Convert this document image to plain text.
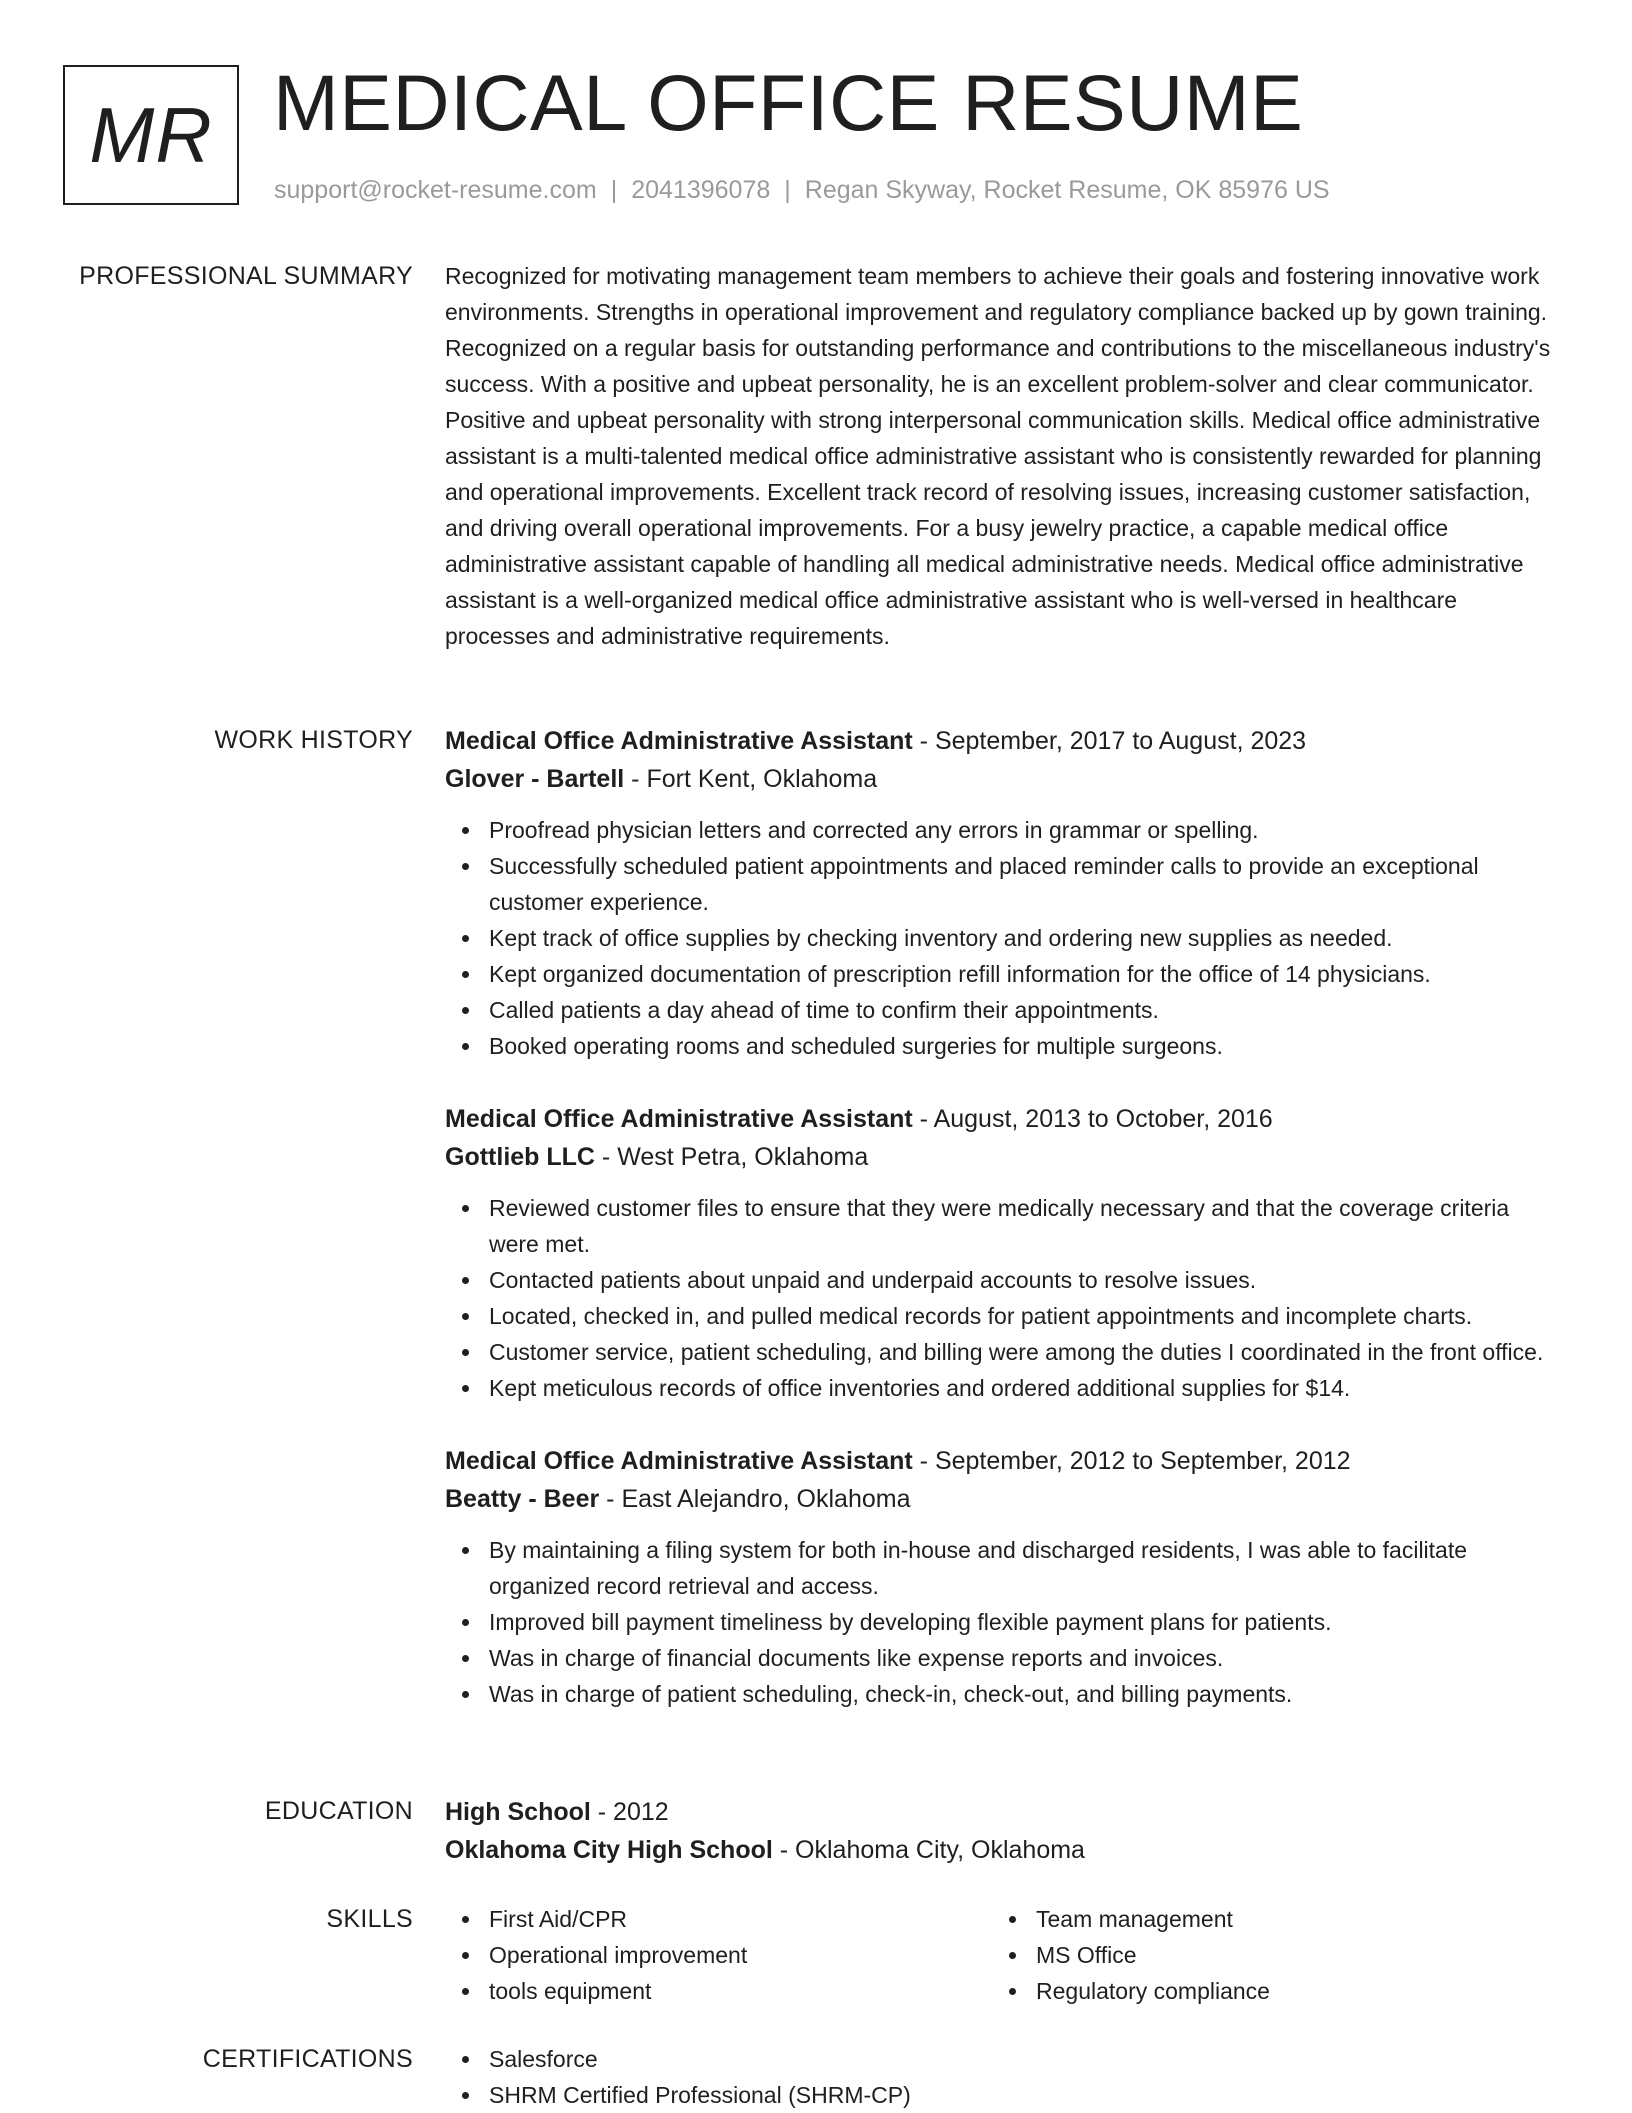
MR MEDICAL OFFICE RESUME
support@rocket-resume.com | 2041396078 | Regan Skyway, Rocket Resume, OK 85976 US
PROFESSIONAL SUMMARY Recognized for motivating management team members to achieve their goals and fostering innovative work environments. Strengths in operational improvement and regulatory compliance backed up by gown training. Recognized on a regular basis for outstanding performance and contributions to the miscellaneous industry's success. With a positive and upbeat personality, he is an excellent problem-solver and clear communicator. Positive and upbeat personality with strong interpersonal communication skills. Medical office administrative assistant is a multi-talented medical office administrative assistant who is consistently rewarded for planning and operational improvements. Excellent track record of resolving issues, increasing customer satisfaction, and driving overall operational improvements. For a busy jewelry practice, a capable medical office administrative assistant capable of handling all medical administrative needs. Medical office administrative assistant is a well-organized medical office administrative assistant who is well-versed in healthcare processes and administrative requirements.

WORK HISTORY Medical Office Administrative Assistant - September, 2017 to August, 2023
Glover - Bartell - Fort Kent, Oklahoma
Proofread physician letters and corrected any errors in grammar or spelling.
Successfully scheduled patient appointments and placed reminder calls to provide an exceptional customer experience.
Kept track of office supplies by checking inventory and ordering new supplies as needed.
Kept organized documentation of prescription refill information for the office of 14 physicians.
Called patients a day ahead of time to confirm their appointments.
Booked operating rooms and scheduled surgeries for multiple surgeons.
Medical Office Administrative Assistant - August, 2013 to October, 2016
Gottlieb LLC - West Petra, Oklahoma
Reviewed customer files to ensure that they were medically necessary and that the coverage criteria were met.
Contacted patients about unpaid and underpaid accounts to resolve issues.
Located, checked in, and pulled medical records for patient appointments and incomplete charts.
Customer service, patient scheduling, and billing were among the duties I coordinated in the front office.
Kept meticulous records of office inventories and ordered additional supplies for $14.
Medical Office Administrative Assistant - September, 2012 to September, 2012
Beatty - Beer - East Alejandro, Oklahoma
By maintaining a filing system for both in-house and discharged residents, I was able to facilitate organized record retrieval and access.
Improved bill payment timeliness by developing flexible payment plans for patients.
Was in charge of financial documents like expense reports and invoices.
Was in charge of patient scheduling, check-in, check-out, and billing payments.
EDUCATION High School - 2012
Oklahoma City High School - Oklahoma City, Oklahoma
SKILLS	First Aid/CPR
Operational improvement
tools equipment
Team management
MS Office
Regulatory compliance
CERTIFICATIONS	Salesforce
SHRM Certified Professional (SHRM-CP)
